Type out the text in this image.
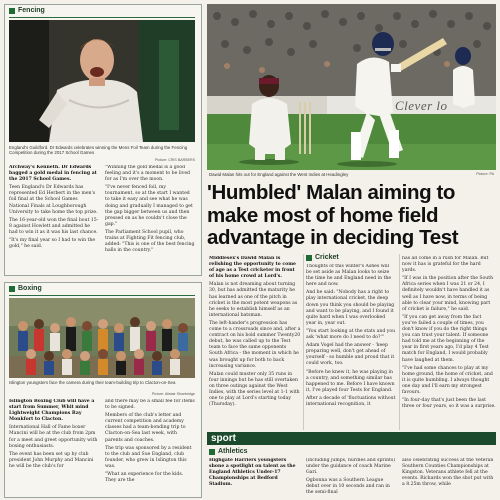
Fencing
England's Guildford. Dr Edwards celebrates winning the Mens Foil Team during the Fencing Competition during the 2017 School Games
Picture: CRIS BARBERS

Archway's Kenneth. Dr Edwards bagged a gold medal in fencing at the 2017 School Games.

Teen England's Dr Edwards has represented Ed Herbert in the men's foil final at the School Games National Finals at Loughborough University to take home the top prize.

The 16-year-old won the final bout 15-8 against Howlett and admitted he had to win it as it was his last chance.

"It's my final year so I had to win the gold," he said.

"Winning the gold medal is a good feeling and it's a moment to be lived for as I'm over the moon.

"I've never fenced foil, my tournament, so at the start I wanted to take it easy and see what he was doing and gradually I managed to get the gap bigger between us and then pressed on as he couldn't close the gap."

The Parliament School pupil, who trains at Fighting Fit fencing club, added: "This is one of the best fencing halls in the country."

Clever lo
Dawid Malan hits out for England against the West Indies at Headingley	Picture: PA
'Humbled' Malan aiming to
make most of home field
advantage in deciding Test

Middlesex's Dawid Malan is relishing the opportunity to come of age as a Test cricketer in front of his home crowd at Lord's.

Malan is not dreaming about turning 30, but has admitted the maturity he has learned as one of the pitch in cricket is the most potent weapons as he seeks to establish himself as an international batsman.

The left-hander's progression has come to a crossroads since and, after a contract on his bold summer Twenty20 debut, he was called up to the Test team to face the same opponents South Africa - the moment in which he was brought up for both to back increasing variance.

Malan could muster only 35 runs in four innings but he has still overtaken on three outings against the West Indies, with the series level at 1-1 with one to play at Lord's starting today (Thursday).

Cricket

Thoughts of this winter's Ashes will be set aside as Malan looks to seize the time he and England need in the here and now.

And he said: "Nobody has a right to play international cricket, the deep down you think you should be playing and want to be playing, and I found it quite hard when I was overlooked year in, year out.

"You start looking at the stats and you ask 'what more do I need to do?'"

Adam Vogel had the answer - 'keep preparing well, don't get ahead of yourself - so humble and proud that it could work, too.

"Before he knew it, he was playing in a country, and something similar has happened to me. Before I have known it, I've played four Tests for England.

After a decade of 'fluctuations without international recognition, it

has all come in a rush for Malan. But now it has is grateful for the hard yards.

"If I was in the position after the South Africa series when I was 21 or 24, I definitely wouldn't have handled it as well as I have now, in terms of being able to clear your mind, knowing part of cricket is failure," he said.

"If you can get away from the fact you've failed a couple of times, you don't know if you do the right things you can trust your talent. If someone had told me at the beginning of the year in first years ago, I'd play 4 Test match for England, I would probably have laughed at them.

"I've had some chances to play at my home ground, the home of cricket, and it is quite humbling. I always thought one day and I'll earn my strongest favours.

"In four-day that's just been the last three or four years, so it was a surprise.

Boxing
Islington youngsters face the camera during their team-building trip to Clacton-on-Sea
Picture: Alistair Shoebridge

Islington Boxing Club will have a start from Summer, Whit mind Lightweight Champions Ray Monkfort to Clacton.

International Hall of Fame boxer Mancini will be at the club from 2pm for a meet and greet opportunity with boxing enthusiasts.

The event has been set up by club president John Murphy and Mancini he will be the club's for

and there may be a small fee for items to be signed.

Members of the club's letter and current competition and academy classes had a team-bonding trip to Clacton-on-Sea last week, with parents and coaches.

The trip was sponsored by a resident to the club and Sue England, club founder, who grew in Islington this was.

"What an experience for the kids. They are the

sport
Athletics

Highgate Harriers youngsters shone a spotlight on talent as the England Athletics Under-17 Championships at Bedford Stadium.

(including jumps, hurdles and sprints) under the guidance of coach Marine Gari.

Ogbonna was a Southern League debut over in 10 seconds and ran in the semi-final

also celebrating success at the Veteran Southern Counties Championships at Kingston. Veterans athlete fell at the events. Richards won the shot put with a 8.25m throw, while
